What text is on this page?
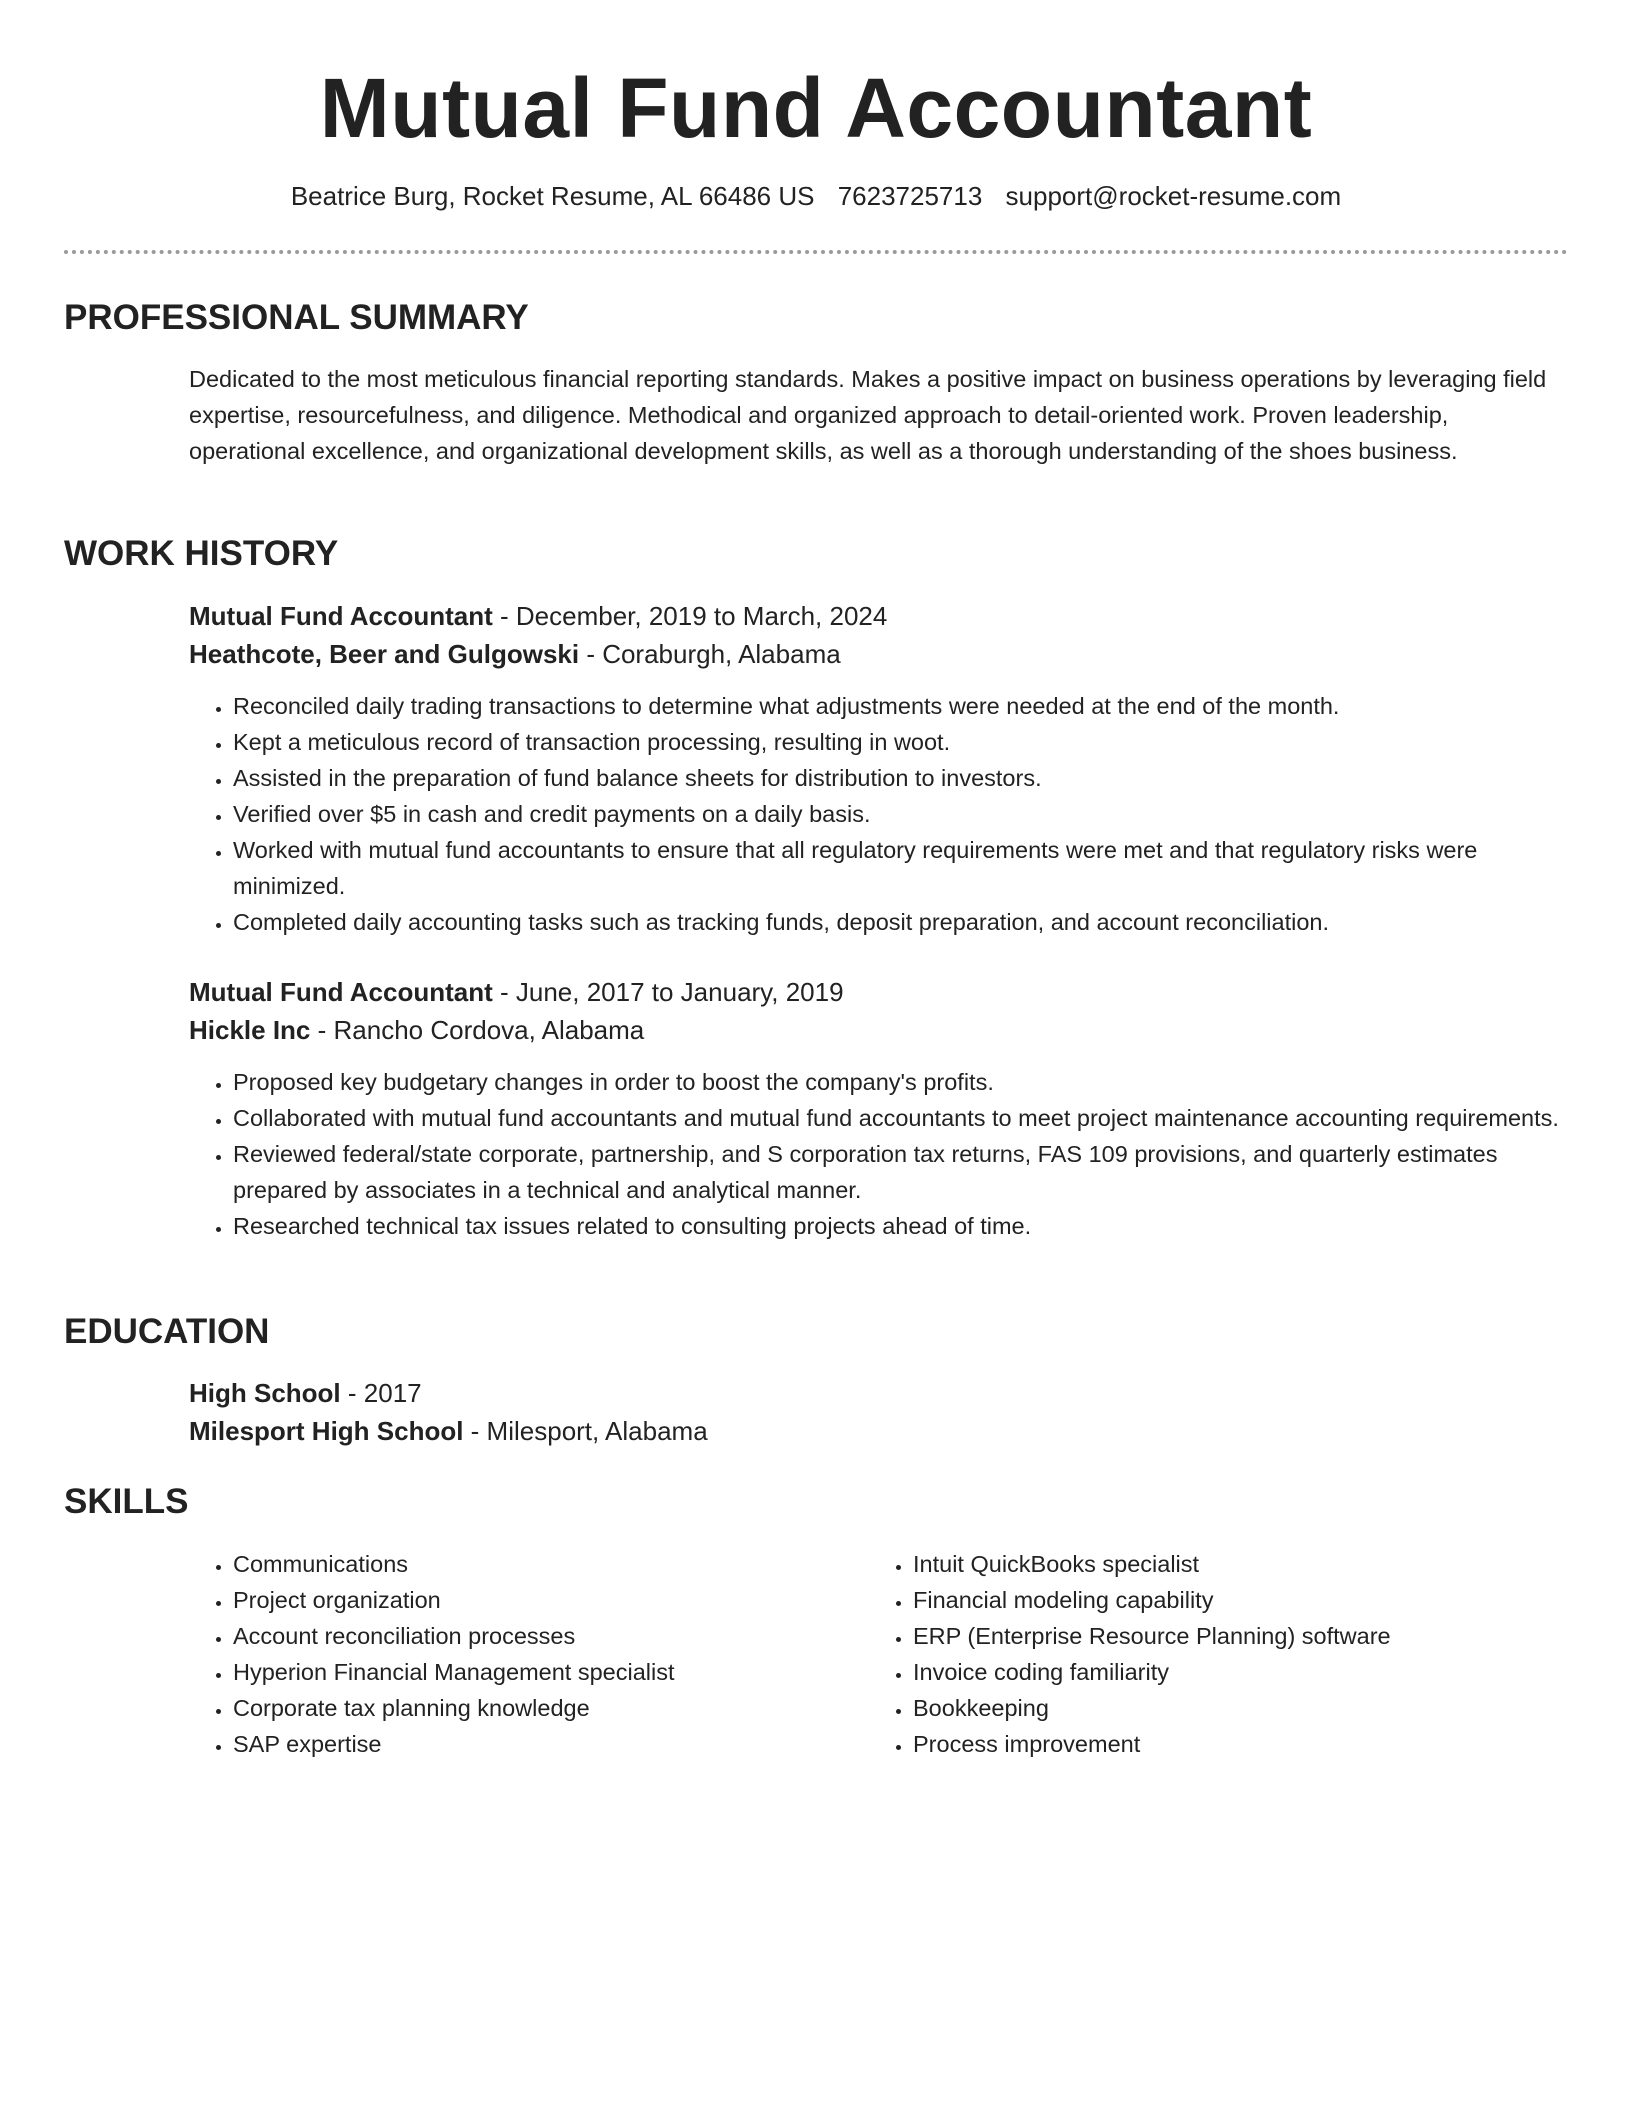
Mutual Fund Accountant
Beatrice Burg, Rocket Resume, AL 66486 US 7623725713 support@rocket-resume.com
PROFESSIONAL SUMMARY

Dedicated to the most meticulous financial reporting standards. Makes a positive impact on business operations by leveraging field expertise, resourcefulness, and diligence. Methodical and organized approach to detail-oriented work. Proven leadership, operational excellence, and organizational development skills, as well as a thorough understanding of the shoes business.

WORK HISTORY

Mutual Fund Accountant - December, 2019 to March, 2024

Heathcote, Beer and Gulgowski - Coraburgh, Alabama

• Reconciled daily trading transactions to determine what adjustments were needed at the end of the month.
• Kept a meticulous record of transaction processing, resulting in woot.
• Assisted in the preparation of fund balance sheets for distribution to investors.
• Verified over $5 in cash and credit payments on a daily basis.
• Worked with mutual fund accountants to ensure that all regulatory requirements were met and that regulatory risks were minimized.
• Completed daily accounting tasks such as tracking funds, deposit preparation, and account reconciliation.

Mutual Fund Accountant - June, 2017 to January, 2019

Hickle Inc - Rancho Cordova, Alabama

• Proposed key budgetary changes in order to boost the company's profits.
• Collaborated with mutual fund accountants and mutual fund accountants to meet project maintenance accounting requirements.
• Reviewed federal/state corporate, partnership, and S corporation tax returns, FAS 109 provisions, and quarterly estimates prepared by associates in a technical and analytical manner.
• Researched technical tax issues related to consulting projects ahead of time.
EDUCATION

High School - 2017

Milesport High School - Milesport, Alabama

SKILLS
• Communications
• Project organization
• Account reconciliation processes
• Hyperion Financial Management specialist
• Corporate tax planning knowledge
• SAP expertise
• Intuit QuickBooks specialist
• Financial modeling capability
• ERP (Enterprise Resource Planning) software
• Invoice coding familiarity
• Bookkeeping
• Process improvement
